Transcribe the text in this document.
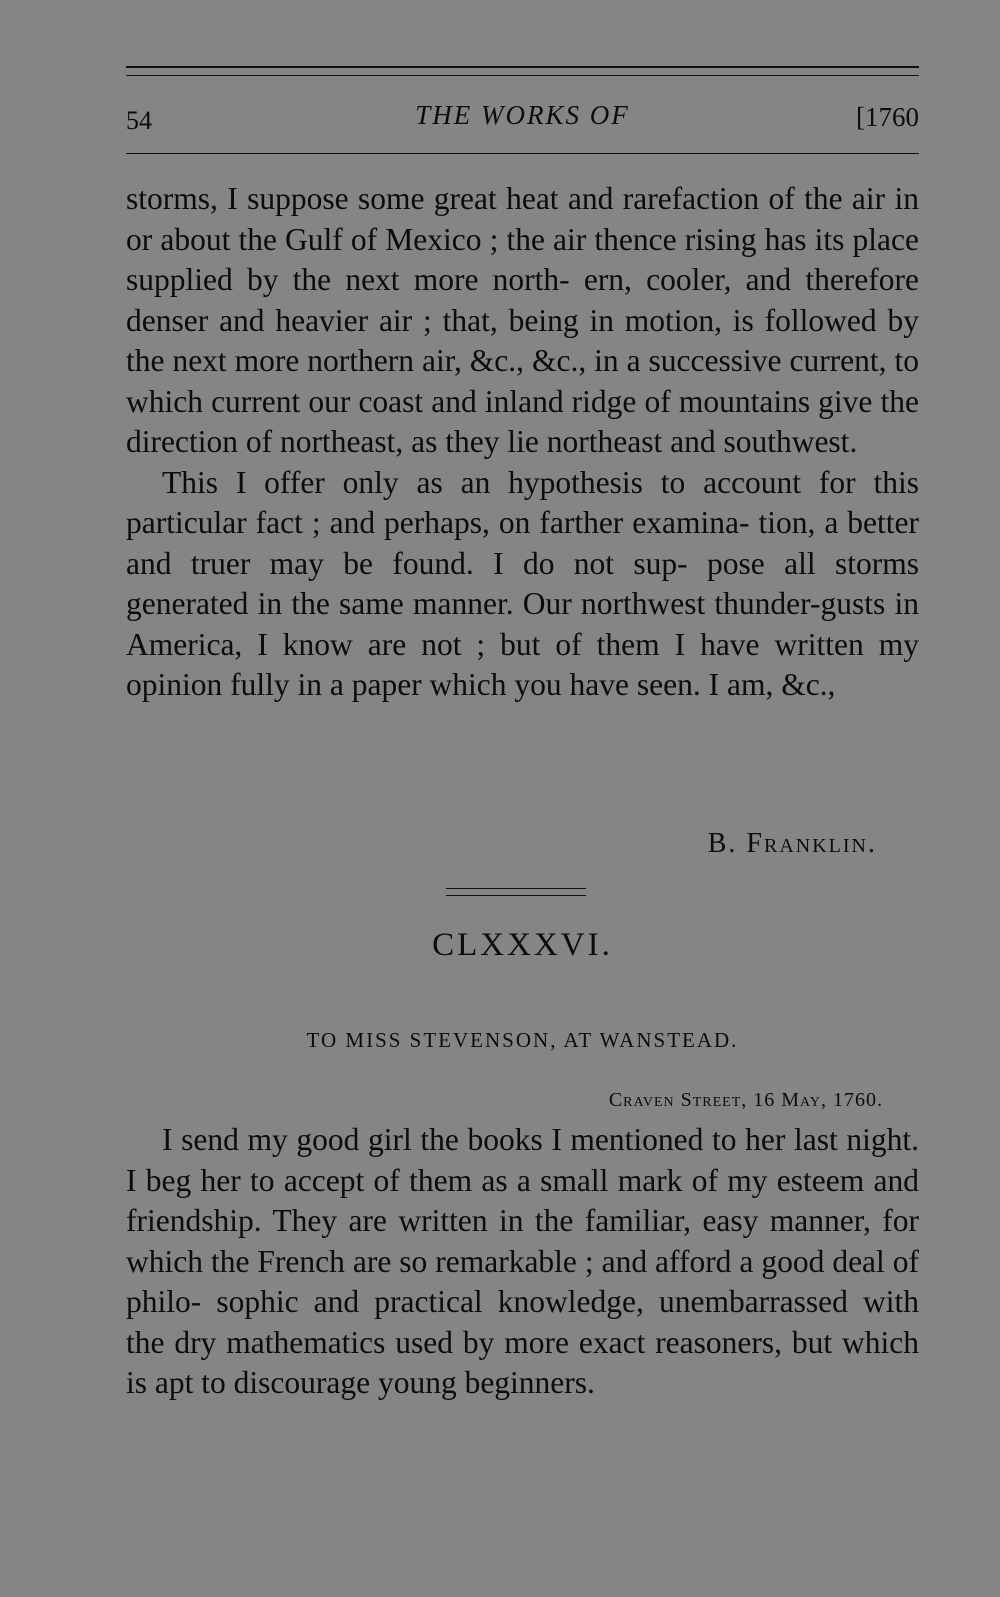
54	THE WORKS OF	[1760

storms, I suppose some great heat and rarefaction of the air in or about the Gulf of Mexico ; the air thence rising has its place supplied by the next more north- ern, cooler, and therefore denser and heavier air ; that, being in motion, is followed by the next more northern air, &c., &c., in a successive current, to which current our coast and inland ridge of mountains give the direction of northeast, as they lie northeast and southwest.

This I offer only as an hypothesis to account for this particular fact ; and perhaps, on farther examina- tion, a better and truer may be found. I do not sup- pose all storms generated in the same manner. Our northwest thunder-gusts in America, I know are not ; but of them I have written my opinion fully in a paper which you have seen. I am, &c.,

B. Franklin.
CLXXXVI.
TO MISS STEVENSON, AT WANSTEAD.
Craven Street, 16 May, 1760.

I send my good girl the books I mentioned to her last night. I beg her to accept of them as a small mark of my esteem and friendship. They are written in the familiar, easy manner, for which the French are so remarkable ; and afford a good deal of philo- sophic and practical knowledge, unembarrassed with the dry mathematics used by more exact reasoners, but which is apt to discourage young beginners.
